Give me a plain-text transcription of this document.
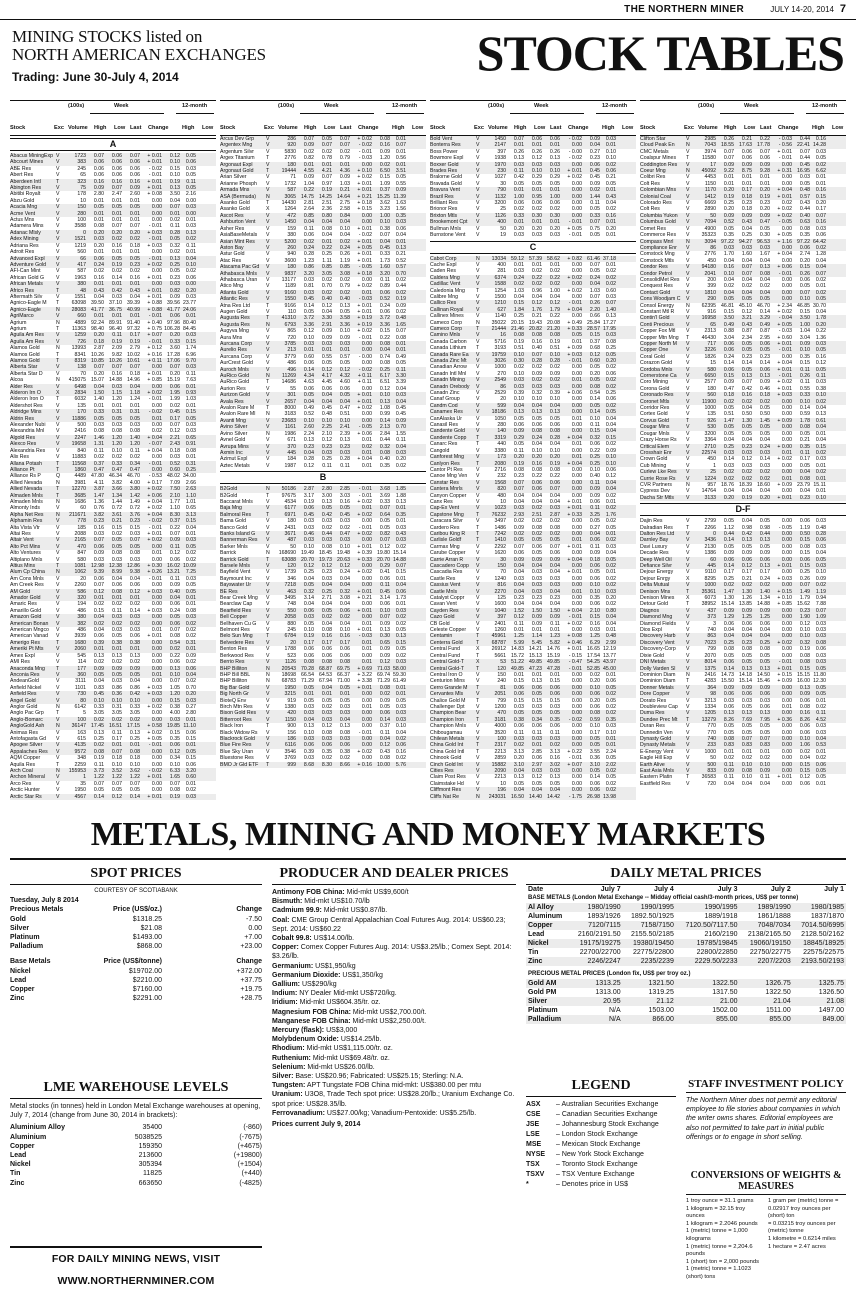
THE NORTHERN MINER	JULY 14-20, 2014 7
MINING STOCKS listed on
NORTH AMERICAN EXCHANGES
Trading: June 30-July 4, 2014	STOCK TABLES
(100s)	Week	12-month
Stock	Exc Volume High Low Last Change High Low
A
Abacus MiningExp V	1723	0.07	0.06	0.07	+ 0.01	0.12	0.05
Abcourt Mines	V	383	0.06	0.06	0.06	+ 0.01	0.10	0.06
ABE Res	V	245	0.06	0.06	0.06	- 0.02	0.15	0.03
Abert Res	V	65	0.06	0.06	0.06	- 0.01	0.10	0.05
Aberdeen Intl	T	323	0.16	0.16	0.16	+ 0.01	0.19	0.11
Abington Res	V	75	0.09	0.07	0.09	+ 0.01	0.13	0.05
Abitibi Royalt	V	178	2.80	2.47	2.60	+ 0.08	3.50	2.16
Abzu Gold	V	10	0.01	0.01	0.01	0.00	0.04	0.00
Acacia Mng	V	150	0.05	0.05	0.05	0.00	0.07	0.03
Acme Vent	V	280	0.01	0.01	0.01	0.00	0.01	0.00
Actus Mns	V	100	0.01	0.01	0.01	0.00	0.02	0.01
Adamera Mins	V	3588	0.08	0.07	0.07	- 0.01	0.11	0.03
Adanac Mlsly	V	0	0.20	0.20	0.20	+ 0.03	0.28	0.13
Adex Mining	V	1521	0.03	0.02	0.02	- 0.01	0.05	0.02
Adriana Res	V	1219	0.20	0.16	0.18	+ 0.03	0.32	0.11
Adroit Res	V	560	0.01	0.01	0.01	0.00	0.02	0.01
Advanced Expl	V	66	0.06	0.05	0.05	- 0.01	0.13	0.04
Adventure Gold	V	417	0.24	0.19	0.23	+ 0.02	0.25	0.10
AFI-Can Mint	V	587	0.02	0.02	0.02	0.00	0.05	0.02
African Gold G	V	1963	0.16	0.14	0.16	+ 0.01	0.23	0.06
African Metals	V	380	0.01	0.01	0.01	0.00	0.03	0.00
Africo Res	T	48	0.43	0.42	0.43	+ 0.01	0.82	0.20
Aftermath Silv	V	1551	0.04	0.03	0.04	+ 0.01	0.09	0.03
Agnico-Eagle M	T	63098 39.50 37.10 39.39	+ 0.88 39.56 23.77
Agnico-Eagle	N	28083 41.77 36.75 40.99	+ 0.88 41.77 24.06
AgriMarco	V	660	0.01	0.01	0.01	- 0.01	0.06	0.01
Agrium	N	4889 92.24 89.91 91.40	+ 0.40 97.96 80.40
Agrium	T	11363 98.40 96.40 97.32	+ 0.75 106.28 84.45
Aguila Am Res	V	1259	0.20	0.11	0.17	+ 0.07	0.20	0.03
Aguila Am Res	V	726	0.18	0.19	0.19	- 0.01	0.33	0.15
Alamos Gold	N	13993	2.87	2.09	2.79	+ 0.12	3.60	1.74
Alamos Gold	T	8341 10.26	9.82 10.02	+ 0.16 17.28	6.96
Alamos Gold	T	8319 10.85 10.26 10.61	+ 0.11 17.06	9.70
Alberta Star	V	138	0.07	0.07	0.07	0.00	0.07	0.03
Alberta Star D	V	70	0.20	0.16	0.18	+ 0.01	0.20	0.11
Alcoa	N	415075 15.07 14.88 14.96	+ 0.85 15.19	7.63
Alder Res	V	6498	0.04	0.03	0.04	0.00	0.06	0.01
Alderon Irn O	X	2834	1.50	1.15	1.18	+ 0.02	1.95	0.93
Alderon Iron O	T	6032	1.40	1.20	1.24	- 0.01	1.99	1.03
Aldershot Res	V	135	0.01	0.01	0.01	0.00	0.02	0.01
Aldridge Mins	V	170	0.33	0.31	0.31	- 0.02	0.45	0.15
Aldrin Res	V	11886	0.05	0.05	0.05	0.01	0.17	0.05
Alexander Nubi	V	500	0.03	0.03	0.03	0.00	0.07	0.03
Alexandria Mnl	V	2416	0.08	0.08	0.08	0.02	0.12	0.03
Algold Res	V	2247	1.46	1.20	1.40	+ 0.04	2.21	0.65
Alexco Res	V	19658	1.31	1.20	1.20	- 0.07	2.43	0.91
Alexandria Res	V	840	0.11	0.10	0.11	+ 0.04	0.18	0.08
Alix Res	V	11883	0.02	0.02	0.02	0.00	0.03	0.01
Allana Potash	T	11568	0.37	0.33	0.34	- 0.01	0.52	0.31
Alliance Pt	T	1860	0.47	0.47	0.47	0.00	0.60	0.25
Alliance Rs P	Q	4489 47.80 46.34 46.70	- 0.53 48.02 34.00
Allied Nevada	N	3981	4.11	3.82	4.00	+ 0.17	7.09	2.66
Allied Nevada	T	12270	3.87	3.66	3.80	+ 0.02	7.50	2.63
Almaden Mnls	T	3685	1.47	1.34	1.42	+ 0.06	2.10	1.10
Almaden Mnls	N	1686	1.36	1.44	1.49	+ 0.04	1.77	1.01
Almonty Inds	V	60	0.76	0.72	0.72	+ 0.02	1.10	0.65
Alpha Net Res	N	211671	3.82	3.61	3.76	+ 0.04	8.30	3.13
Alphamin Res	V	778	0.23	0.21	0.23	- 0.02	0.37	0.15
Alta Vista Vtr	V	185	0.16	0.15	0.15	- 0.01	0.22	0.04
Altai Res	V	2088	0.03	0.02	0.03	+ 0.01	0.07	0.01
Altair Vent	V	2165	0.07	0.05	0.07	+ 0.02	0.09	0.03
Alto Pct Mins	V	470	0.06	0.05	0.05	0.00	0.11	0.05
Alto Ventures	V	847	0.09	0.08	0.08	0.01	0.12	0.02
Altiplano Mnls	V	580	0.03	0.03	0.03	0.00	0.06	0.02
Altius Mins	T	1081 12.98 12.38 12.86	+ 0.30 16.02 10.09
Alum Cp China	N	1062	9.39	8.99	9.38	+ 0.26 13.21	7.25
Am Cons Mnls	V	20	0.06	0.04	0.04	- 0.01	0.11	0.03
Am Creek Res	V	2260	0.07	0.06	0.06	0.00	0.09	0.05
AM Gold	V	586	0.12	0.08	0.12	+ 0.03	0.40	0.05
Amador Gold	V	320	0.01	0.01	0.01	0.00	0.04	0.01
Amaric Res	V	194	0.02	0.02	0.02	0.00	0.06	0.01
Amarillo Gold	V	486	0.15	0.11	0.14	+ 0.03	0.24	0.08
Amazon Gold	V	380	0.04	0.03	0.03	0.00	0.05	0.03
American Bonan	V	382	0.02	0.02	0.02	0.00	0.06	0.02
American Mngco	V	486	0.04	0.03	0.03	0.01	0.07	0.02
American Vanad	V	3939	0.06	0.05	0.06	+ 0.01	0.08	0.02
Amerigo Res	T	1680	0.39	0.38	0.38	0.00	0.54	0.31
Ameriki Pt Mts	V	2060	0.01	0.01	0.01	0.00	0.02	0.01
Amex Expl	V	545	0.13	0.13	0.13	0.00	0.22	0.09
AMI Res	V	114	0.02	0.02	0.02	0.00	0.06	0.02
Anaconda Mng	T	177	0.09	0.09	0.09	0.00	0.13	0.06
Anconia Res	V	360	0.05	0.05	0.05	0.01	0.10	0.04
AndeanGold	V	3111	0.04	0.03	0.04	0.00	0.07	0.02
Anfield Nickel	V	1101	0.83	0.86	0.86	+ 0.03	1.05	0.70
Anfield Res	V	730	0.45	0.36	0.42	+ 0.03	1.20	0.20
Angel Gold	V	80	0.10	0.10	0.10	0.00	0.15	0.03
Anglor Gold	N	6142	0.33	0.31	0.33	+ 0.02	0.38	0.27
Anglo Pac Grp	T	5	3.05	3.05	3.05	0.00	4.00	2.80
Anglo-Bomarc	V	100	0.02	0.02	0.02	0.00	0.03	0.01
AngloGold Ash	N	36147 17.45 16.51 17.15	+ 0.58 19.85 11.10
Animas Res	V	163	0.13	0.11	0.13	+ 0.02	0.15	0.06
Antofagasta Gd	V	615	0.25	0.17	0.25	+ 0.05	0.35	0.15
Apogee Silver	V	4135	0.02	0.01	0.01	- 0.01	0.06	0.01
Appalaches Res	V	9572	0.08	0.07	0.08	0.00	0.12	0.05
AQM Copper	V	348	0.19	0.18	0.18	0.00	0.34	0.15
Aquila Res	T	2259	0.11	0.10	0.10	0.00	0.10	0.06
Arch Coal	N	155953	3.73	3.52	3.62	- 0.02	6.33	3.20
Archon Mineral	V	1	1.22	1.22	1.22	+ 0.01	1.65	0.60
Arco Res	V	35	0.07	0.07	0.07	0.00	0.07	0.01
Arctic Hunter	V	1950	0.05	0.05	0.05	0.00	0.08	0.02
Arctic Star Rs	V	4567	0.14	0.12	0.14	+ 0.01	0.19	0.03
(100s)	Week	12-month
Stock	Exc Volume High Low Last Change High Low
Arcus Dev Grp	V	286	0.07	0.05	0.07	+ 0.02	0.08	0.01
Argentex Mng	V	920	0.09	0.07	0.07	- 0.02	0.16	0.07
Argentum Silvr	V	5830	0.02	0.02	0.02	- 0.01	0.09	0.01
Argex Titanium	T	2776	0.82	0.78	0.79	- 0.03	1.20	0.56
Argonaut Expl	V	180	0.01	0.01	0.01	0.00	0.02	0.01
Argonaut Gold	T	19444	4.55	4.21	4.36	+ 0.10	6.50	3.51
Arian Silver	V	71	0.09	0.07	0.09	+ 0.02	0.15	0.05
Arianne Phosph	V	1732	1.04	0.97	1.03	+ 0.01	1.09	0.55
Armada Mns	V	587	0.22	0.19	0.21	+ 0.01	0.37	0.09
ASA (Bermuda)	N	3065 14.75 14.25 14.64	+ 0.21 15.25 11.39
Asanko Gold	T	14430	2.81	2.51	2.75	+ 0.18	3.62	1.63
Asanko Gold	X	1264	2.64	2.36	2.58	+ 0.15	3.23	1.56
Ascot Res	V	472	0.85	0.80	0.84	0.00	1.00	0.35
Ashburton Vent	V	1450	0.04	0.04	0.04	0.00	0.10	0.03
Asher Res	V	159	0.11	0.08	0.10	+ 0.01	0.38	0.06
AsiaBaseMetals	V	380	0.06	0.04	0.04	- 0.02	0.07	0.04
Asian Mint Res	V	5200	0.02	0.01	0.02	+ 0.01	0.04	0.01
Aston Bay	V	260	0.24	0.22	0.24	+ 0.05	0.45	0.13
Astur Gold	V	940	0.28	0.25	0.26	+ 0.01	0.33	0.21
Atac Res	V	3600	1.23	1.11	1.19	+ 0.01	1.73	0.52
Atacama Pac Gd	V	180	0.86	0.85	0.85	- 0.05	1.60	0.57
Athabasca Mnls	V	9837	3.20	3.05	3.08	+ 0.18	3.20	0.70
Athabasca Uran	V	13177	0.03	0.02	0.02	0.00	0.11	0.02
Atico Mng	V	1189	0.81	0.70	0.79	+ 0.02	0.89	0.44
Atlanta Gold	V	9160	0.03	0.02	0.02	0.01	0.06	0.02
Atlantic Res	V	1550	0.45	0.40	0.40	- 0.03	0.52	0.19
Atna Res Ltd	T	9166	0.14	0.12	0.13	+ 0.01	0.24	0.09
Augen Gold	V	110	0.05	0.04	0.05	+ 0.01	0.06	0.02
Augusta Res	T	41310	3.72	3.30	3.58	+ 0.19	3.72	0.48
Augusta Res	N	6793	3.36	2.91	3.36	+ 0.19	3.36	1.65
Augyva Mng	V	865	0.12	0.09	0.10	+ 0.02	0.15	0.07
Aura Mns	V	720	0.10	0.09	0.09	- 0.01	0.22	0.08
Aurcana Corp	V	3785	0.03	0.03	0.03	0.00	0.08	0.01
Aurelio Res	V	213	0.01	0.01	0.01	0.00	0.04	0.01
Aurcana Corp	V	3779	0.60	0.55	0.57	- 0.00	0.74	0.49
AurCrest Gold	V	486	0.06	0.05	0.05	0.00	0.08	0.05
Auroch Mnls	V	496	0.14	0.12	0.12	- 0.02	0.25	0.11
AuRico Gold	N	11269	4.34	4.17	4.32	+ 0.11	6.17	3.30
AuRico Gold	T	14686	4.63	4.45	4.60	+ 0.11	6.51	3.39
Aurion Res	V	55	0.06	0.06	0.06	0.00	0.12	0.04
Aurizon Gold	V	301	0.05	0.04	0.05	+ 0.01	0.10	0.03
Avala Res	V	2657	0.04	0.04	0.04	+ 0.01	0.13	0.04
Avalon Rare M	T	8000	0.49	0.45	0.47	+ 0.02	1.08	0.45
Avalon Rare Ml	N	3183	0.52	0.48	0.51	0.00	0.99	0.45
Avanti Mng	V	23683	0.10	0.10	0.10	0.00	0.14	0.09
Avino Silver	V	1161	2.60	2.25	2.41	- 0.05	2.13	0.70
Avino Silver	N	1986	2.24	2.10	2.39	+ 0.06	2.84	1.55
Avnel Gold	V	671	0.13	0.12	0.13	0.01	0.44	0.11
Avrupa Mins	V	370	0.23	0.23	0.23	0.02	0.32	0.04
Axmin Inc	V	445	0.04	0.03	0.03	0.01	0.08	0.03
Azimut Expl	V	184	0.28	0.25	0.28	+ 0.04	0.40	0.20
Aztec Metals	V	1987	0.12	0.11	0.11	0.01	0.35	0.02
B
B2Gold	N	50186	2.87	2.80	2.85	- 0.01	3.68	1.85
B2Gold	T	97675	3.17	3.00	3.03	- 0.01	3.69	1.88
Baccarat Mnls	V	4534	0.19	0.13	0.16	+ 0.02	0.33	0.13
Baja Mng	V	6177	0.06	0.05	0.05	0.01	0.07	0.01
Balmoral Res	T	6971	0.45	0.42	0.45	+ 0.02	0.64	0.35
Bama Gold	V	180	0.03	0.03	0.03	0.00	0.05	0.01
Banco Gold	V	2431	0.03	0.02	0.02	- 0.01	0.05	0.03
Banks Island G	V	3671	0.46	0.44	0.47	+ 0.02	0.82	0.43
Bannerman Res	V	487	0.03	0.03	0.03	0.00	0.07	0.03
Barker Mnls	V	50	0.10	0.08	0.10	+ 0.01	0.12	0.02
Barrick	N	168690 19.49 18.45 19.48	+ 0.39 19.80 15.14
Barrick Gold	T	63088 20.70 19.73 20.63	+ 0.33 20.70 14.88
Barsele Mnls	V	120	0.12	0.12	0.12	0.00	0.29	0.07
Bayfield Vent	V	1739	0.25	0.23	0.24	+ 0.02	0.41	0.15
Baymount Inc	V	346	0.04	0.03	0.04	0.00	0.06	0.01
Bayswater Ur	V	7218	0.05	0.04	0.04	0.00	0.11	0.04
BE Res	V	463	0.32	0.25	0.32	+ 0.01	0.45	0.06
Bear Creek Mng	V	3495	3.14	2.71	3.08	+ 0.21	3.14	1.73
Bearclaw Cap	V	748	0.04	0.04	0.04	0.00	0.06	0.01
Bearfield Res	V	550	0.06	0.05	0.06	+ 0.01	0.10	0.03
Bell Copper	V	2058	0.03	0.02	0.02	0.00	0.07	0.02
Bellhaven Cu G	V	880	0.05	0.04	0.04	0.01	0.09	0.02
Belmont Res	V	245	0.10	0.08	0.10	+ 0.01	0.13	0.05
Belo Sun Mng	T	6784	0.19	0.16	0.16	- 0.03	0.30	0.13
Belvedere Res	V	20	0.17	0.17	0.17	0.01	0.65	0.15
Benton Res	V	1788	0.06	0.06	0.06	0.01	0.09	0.05
Berkwood Res	V	523	0.06	0.06	0.06	0.00	0.09	0.02
Berrio Res	V	1126	0.08	0.08	0.08	0.01	0.12	0.03
BHP Billiton	N	20543 70.28 68.87 69.75	+ 0.69 71.03 58.00
BHP Bill BBL	N	18698 66.54 64.53 66.37	+ 3.22 69.74 59.30
BHP Billiton	N	68783 71.29 67.94 71.00	+ 3.38 71.29 61.49
Big Bar Gold	V	1950	0.05	0.04	0.05	+ 0.01	0.08	0.01
Big North Gr	V	3215	0.01	0.01	0.01	0.00	0.02	0.01
BioteQ Env	V	919	0.05	0.05	0.05	0.00	0.09	0.05
Birch Mtn Res	V	1380	0.03	0.02	0.03	0.01	0.05	0.03
Bison Gold Res	V	420	0.03	0.03	0.03	0.00	0.06	0.03
Bitterroot Res	V	1150	0.04	0.03	0.04	0.00	0.14	0.03
Black Iron	T	900	0.13	0.12	0.13	0.00	0.37	0.10
Black Widow Rs	V	156	0.10	0.08	0.08	- 0.01	0.11	0.04
Blackrock Gold	V	186	0.03	0.03	0.03	0.00	0.04	0.02
Blue Fire Res	V	6116	0.06	0.06	0.06	0.00	0.12	0.06
Blue Sky Uran	V	3546	0.39	0.35	0.38	+ 0.02	0.43	0.16
Bluestone Res	V	3769	0.03	0.02	0.02	0.00	0.08	0.02
BMO Jr Gld ETF	T	999	8.68	8.30	8.66	+ 0.16 10.00	5.76
(100s)	Week	12-month
Stock	Exc Volume High Low Last Change High Low
Bold Vent	V	1450	0.07	0.06	0.06	- 0.02	0.09	0.03
Bonterra Res	V	2147	0.01	0.01	0.01	0.00	0.04	0.01
Boss Power	V	397	0.26	0.26	0.26	- 0.00	0.27	0.10
Bowmore Expl	V	1938	0.13	0.12	0.13	- 0.02	0.23	0.10
Boxxer Gold	V	1970	0.03	0.03	0.03	0.00	0.06	0.02
Brades Res	V	230	0.11	0.10	0.10	+ 0.01	0.45	0.06
Bralorne Gold	V	1027	0.42	0.29	0.29	+ 0.02	0.45	0.21
Bravada Gold	V	30	0.05	0.05	0.05	0.00	0.09	0.05
Bravura Vent	V	790	0.01	0.01	0.01	0.00	0.02	0.01
Brazil Res	V	1132	1.00	0.95	1.00	0.00	1.44	0.43
Brilliant Res	V	3200	0.06	0.06	0.06	0.00	0.11	0.04
Brionor Res	V	25	0.02	0.02	0.02	0.00	0.05	0.02
Brixton Mtls	V	1126	0.33	0.30	0.30	0.00	0.33	0.16
Brookemont Cpt	V	400	0.01	0.01	0.01	- 0.01	0.07	0.01
Bullman Mnls	V	50	0.20	0.20	0.20	+ 0.05	0.75	0.20
Burnstone Vent	V	19	0.03	0.03	0.03	- 0.01	0.05	0.01
C
Cabot Corp	N	13034 59.12 57.39 58.62	+ 0.82 61.46 37.18
Cache Expl	V	400	0.01	0.01	0.01	0.00	0.07	0.01
Caden Res	V	281	0.03	0.02	0.02	0.00	0.05	0.02
Caldera Mng	V	6374	0.24	0.22	0.22	+ 0.02	0.24	0.02
Cadillac Vent	V	1588	0.02	0.02	0.02	0.00	0.04	0.02
Caledonia Mng	T	1254	1.03	0.96	1.00	+ 0.02	1.03	0.60
Calibre Mng	V	1500	0.04	0.04	0.04	0.00	0.07	0.03
Callico Res	V	1210	0.15	0.12	0.12	- 0.01	0.26	0.07
Callinan Royal	V	627	1.84	1.76	1.79	+ 0.04	2.20	1.40
Callinex Mines	V	1140	0.25	0.21	0.22	0.00	0.66	0.13
Cameco Corp	N	35022 20.15 19.43 20.08	+ 0.49 25.84 17.27
Cameco Corp	T	21444 21.46 20.82 21.20	+ 0.33 28.57 17.95
Camino Mnls	V	16	0.08	0.08	0.08	0.05	0.15	0.03
Canada Carbon	V	5716	0.19	0.16	0.19	0.01	0.37	0.08
Canada Lithium	T	3193	0.51	0.40	0.51	+ 0.09	0.68	0.25
Canada Rare Ea	V	19759	0.10	0.07	0.10	+ 0.03	0.12	0.05
Canada Zinc Mt	V	3026	0.30	0.28	0.28	- 0.01	0.60	0.20
Canadian Arrow	V	1000	0.02	0.02	0.02	0.00	0.05	0.02
Canadn Intl Mnl	V	270	0.10	0.09	0.09	0.00	0.20	0.06
Canadn Mining	V	2549	0.03	0.02	0.02	0.01	0.05	0.02
Canadn Orebody	V	86	0.03	0.03	0.03	0.00	0.08	0.02
Canadn Zinc	V	2529	0.39	0.32	0.39	+ 0.06	0.54	0.25
Canaf Group	V	20	0.10	0.10	0.10	0.00	0.14	0.06
Candm Cod	V	599	0.04	0.04	0.04	0.00	0.05	0.02
Canamex Res	V	18186	0.13	0.13	0.13	0.00	0.14	0.05
CanAlaska Ur	V	1050	0.05	0.05	0.05	0.01	0.10	0.04
Canasil Res	V	280	0.06	0.06	0.06	0.00	0.11	0.04
Candente Gold	V	140	0.09	0.08	0.08	0.00	0.15	0.04
Candente Copp	T	3319	0.29	0.24	0.28	+ 0.04	0.32	0.15
Canarc Res	T	440	0.05	0.04	0.04	0.01	0.06	0.02
Cangold	V	3380	0.11	0.10	0.10	0.00	0.22	0.09
Canforest Mng	V	173	0.20	0.20	0.20	0.01	0.25	0.10
Canlyon Res	T	2080	0.19	0.16	0.19	+ 0.04	0.25	0.10
Cantor Pt Res	V	2716	0.08	0.08	0.08	0.00	0.10	0.06
Canoe Mng Ven	V	232	0.23	0.22	0.22	0.00	0.40	0.12
Canstar Res	V	1568	0.07	0.06	0.06	0.00	0.11	0.04
Cantera Mnrls	V	820	0.07	0.06	0.07	0.00	0.09	0.04
Canyon Copper	V	480	0.04	0.04	0.04	0.00	0.09	0.02
Canx Res	V	10	0.04	0.04	0.04	+ 0.01	0.06	0.01
Cap-Ex Vent	V	1023	0.03	0.02	0.03	+ 0.01	0.11	0.02
Capstone Mng	T	76232	2.93	2.51	2.87	+ 0.33	3.25	1.76
Caracara Silvr	V	3497	0.02	0.02	0.02	0.00	0.05	0.02
Cardero Res	T	1486	0.09	0.08	0.08	0.00	0.27	0.05
Caribou King R	T	7242	0.02	0.02	0.02	0.00	0.04	0.01
Carlisle Goldf	T	1410	0.05	0.05	0.05	0.01	0.06	0.02
Carmax Mng	V	2292	0.07	0.06	0.07	+ 0.01	0.11	0.03
Carube Copper	V	1620	0.06	0.05	0.06	0.00	0.09	0.04
Carrie Arran R	V	30	0.09	0.09	0.09	+ 0.04	0.18	0.05
Cascadero Copp	V	150	0.04	0.04	0.04	0.00	0.06	0.02
Cascadia Res	V	70	0.04	0.03	0.04	+ 0.01	0.05	0.01
Castle Res	V	1240	0.03	0.03	0.03	0.00	0.06	0.02
Cassius Vent	V	816	0.04	0.03	0.03	0.00	0.10	0.02
Castle Mnls	V	2270	0.04	0.03	0.04	0.01	0.10	0.03
Catalyst Coppr	V	125	0.23	0.23	0.23	0.00	0.35	0.20
Cavan Vent	V	1600	0.04	0.04	0.04	0.00	0.06	0.02
Cayden Res	V	1040	1.52	1.50	1.50	+ 0.04	2.10	0.80
Cazo Gold	V	397	0.12	0.09	0.09	- 0.01	0.15	0.04
CB Gold	V	2401	0.11	0.09	0.11	+ 0.02	0.16	0.04
Celeste Copper	V	1260	0.01	0.01	0.01	0.00	0.03	0.01
Centamin	T	45961	1.25	1.14	1.23	+ 0.08	1.25	0.48
Centerra Gold	T	68787	5.99	5.45	5.82	+ 0.46	6.29	2.99
Central Fund	X	26912 14.83 14.21 14.76	+ 0.01 16.65 12.19
Central Fund	T	5661 15.72 15.13 15.19	- 0.15 17.54 13.77
Central Gold-T	X	53 51.22 49.85 49.85	- 0.47 54.25 43.97
Central Gold-T	T	120 49.85 47.23 47.28	- 0.01 52.85 45.00
Central Iron O	V	150	0.01	0.01	0.01	0.00	0.02	0.01
Centurion Mins	V	240	0.15	0.13	0.15	0.00	0.20	0.06
Cerro Grande M	T	81	0.06	0.06	0.06	0.00	0.10	0.05
Cervantes Mls	V	2051	0.06	0.05	0.06	0.00	0.06	0.02
Chalice Gold M	T	799	0.15	0.15	0.15	0.00	0.20	0.05
Challenger Dpt	V	1200	0.03	0.03	0.03	0.00	0.06	0.02
Champion Bear	V	470	0.05	0.05	0.05	0.00	0.08	0.02
Champion Iron	T	3181	0.38	0.34	0.35	- 0.02	0.59	0.35
Champion Mnls	V	4000	0.06	0.06	0.06	0.00	0.10	0.03
Chibougamau	V	3520	0.11	0.11	0.11	0.00	0.17	0.10
Chilean Metals	V	100	0.03	0.03	0.03	0.00	0.05	0.01
China Gold Int	T	2317	0.02	0.01	0.02	0.00	0.05	0.01
China Gold Intl	T	2213	3.13	2.85	3.13	+ 0.22	3.55	2.24
Chinook Gold	V	2859	0.20	0.06	0.16	- 0.01	0.36	0.05
Cinch Gold Int	V	15882	3.10	2.97	3.02	+ 0.07	3.10	2.02
Cities Res	V	2090	0.04	0.03	0.03	0.00	0.05	0.02
Claim Post Res	V	2213	0.13	0.12	0.13	0.00	0.14	0.05
Claimstake Hd	V	10	0.05	0.05	0.05	0.00	0.06	0.02
Cliffmont Res	V	196	0.04	0.04	0.04	0.00	0.06	0.02
Cliffs Nat Re	N	243031 16.50 14.40 14.42	- 1.75 26.98 13.98
(100s)	Week	12-month
Stock	Exc Volume High Low Last Change High Low
Clifton Star	V	2985	0.26	0.21	0.22	- 0.03	0.44	0.16
Cloud Peak En	N	7043 18.55 17.63 17.78	- 0.56 22.41 14.28
CMC Metals	V	3974	0.07	0.06	0.07	+ 0.01	0.07	0.03
Coalspur Mines	T	11580	0.07	0.06	0.06	- 0.01	0.44	0.05
Coddington Res	V	17	0.09	0.09	0.09	0.00	0.45	0.02
Coeur Mng	N	45092	9.22	8.75	9.28	+ 0.31 16.95	6.62
Colibri Res	V	4453	0.01	0.01	0.01	0.00	0.03	0.01
Colt Res	V	1150	0.01	0.01	0.01	0.00	0.05	0.01
Colombian Mns	V	1170	0.20	0.17	0.20	+ 0.04	0.48	0.16
Colonial Coal	V	1412	0.19	0.18	0.19	+ 0.01	0.57	0.15
Colorado Res	V	6669	0.25	0.23	0.23	0.02	0.43	0.20
Colt Res	V	2890	0.20	0.18	0.20	+ 0.02	0.44	0.17
Columbia Yukon	V	50	0.09	0.09	0.09	+ 0.02	0.40	0.07
Columbus Gold	V	7094	0.52	0.43	0.47	- 0.05	0.63	0.16
Comet Res	V	4900	0.05	0.04	0.05	0.00	0.08	0.03
Commerce Res	V	35323	0.35	0.25	0.30	+ 0.05	0.35	0.06
Compass Mnrl	N	3094 97.22 94.27 96.53	+ 1.16 97.22 64.42
Compliance Enr	V	86	0.03	0.03	0.03	0.00	0.06	0.02
Comstock Mng	V	2776	1.70	1.60	1.67	+ 0.04	2.74	1.28
Comstock Mtls	V	450	0.04	0.04	0.04	0.00	0.20	0.04
Condor Res	V	94180	0.16	0.07	0.13	+ 0.06	0.15	0.04
Condor Petrol	V	2041	0.10	0.07	0.08	- 0.01	0.26	0.07
ConsolidMet Res	V	200	0.04	0.04	0.04	0.00	0.06	0.02
Conquest Res	V	399	0.02	0.02	0.02	0.00	0.05	0.01
Contact Gold	V	1810	0.04	0.04	0.04	0.00	0.07	0.02
Cons Woodjam C	V	290	0.05	0.05	0.05	0.00	0.10	0.05
Consol Energy	N	62395 46.81 45.10 46.70	+ 2.34 46.85 30.70
Constant Mtl R	V	916	0.15	0.12	0.14	+ 0.02	0.15	0.04
Contin'l Gold	V	16958	3.50	3.21	3.29	- 0.04	3.50	1.78
Conti Precious	V	65	0.49	0.43	0.49	+ 0.05	1.00	0.20
Copper Fox Mtl	V	2313	0.88	0.87	0.87	- 0.03	1.04	0.22
Copper Mtn Mng	T	46430	3.04	2.34	2.95	+ 0.60	3.04	1.36
Copper North M	V	717	0.06	0.05	0.06	+ 0.01	0.09	0.03
Copper One	V	3226	0.06	0.05	0.05	- 0.01	0.10	0.05
Coral Gold	V	1826	0.24	0.23	0.23	0.00	0.35	0.16
Corazon Gold	V	15	0.14	0.14	0.14	+ 0.04	0.15	0.12
Cordoba Mnls	V	580	0.06	0.05	0.06	+ 0.01	0.11	0.05
Cornerstone Ca	V	6650	0.15	0.13	0.13	- 0.01	0.26	0.11
Coro Mining	V	2577	0.09	0.07	0.09	+ 0.02	0.11	0.03
Corona Gold	V	180	0.47	0.42	0.46	+ 0.01	0.55	0.38
Coronado Res	V	560	0.18	0.16	0.18	+ 0.03	0.33	0.10
Coronet Mtls	V	11900	0.02	0.02	0.02	0.00	0.10	0.02
Corridor Res	V	1000	0.05	0.04	0.05	0.00	0.14	0.04
Cortex Gold	V	135	0.51	0.50	0.50	0.00	0.59	0.13
Corvus Gold	T	926	1.47	1.30	1.45	+ 0.09	1.78	0.61
Cougar Mins	V	530	0.05	0.05	0.05	0.00	0.08	0.04
Cougar Mnls	V	3200	0.05	0.05	0.05	0.00	0.05	0.01
Crazy Horse Rs	V	3364	0.04	0.04	0.04	0.00	0.21	0.04
Critical Elem	V	2710	0.25	0.23	0.24	+ 0.00	0.35	0.15
Crosshair Enr	V	22574	0.03	0.03	0.03	0.01	0.11	0.02
Crown Gold	V	450	0.14	0.12	0.14	+ 0.02	0.17	0.03
Cub Mining	V	1	0.03	0.03	0.03	0.00	0.05	0.01
Curlew Lke Res	V	25	0.02	0.02	0.02	0.00	0.04	0.02
Currie Rose Rs	V	1224	0.02	0.02	0.02	0.01	0.08	0.01
CVR Partners	N	957 18.76 18.39 18.60	+ 0.09 23.79 15.11
Cypress Dev	V	14764	0.04	0.04	0.04	0.00	0.04	0.01
Dacha Str Mtls	V	3133	0.20	0.19	0.20	+ 0.01	0.23	0.10
D-F
Dajin Res	V	2799	0.05	0.04	0.05	0.00	0.06	0.03
Dalradian Res	T	2266	1.12	0.98	0.98	- 0.05	1.19	0.48
Dalton Res Ltd	V	0	0.44	0.42	0.44	0.00	0.50	0.28
Darnley Bay	V	3436	0.14	0.13	0.13	0.00	0.15	0.06
Davi Luxury	V	2130	0.05	0.05	0.05	0.00	0.08	0.03
Decade Res	V	1386	0.09	0.09	0.09	0.00	0.15	0.04
Deep Well Oil	V	60	0.06	0.06	0.06	0.00	0.06	0.05
Defiance Silvr	V	445	0.14	0.12	0.13	+ 0.01	0.15	0.03
Dejour Energy	V	9110	0.17	0.17	0.17	0.00	0.25	0.10
Dejour Enrgy	X	8295	0.25	0.21	0.24	+ 0.03	0.26	0.09
Delta Mutual	V	1000	0.02	0.02	0.02	0.00	0.07	0.02
Denison Mns	T	35361	1.47	1.30	1.40	+ 0.15	1.49	1.19
Denison Mines	X	6073	1.30	1.26	1.34	+ 0.10	1.79	0.94
Detour Gold	T	38952 15.14 13.85 14.88	+ 0.85 15.62	7.88
Diagnos	V	437	0.09	0.09	0.09	0.00	0.23	0.07
Diamond Mng	V	373	1.29	1.25	1.25	0.00	1.90	1.09
Diamond Fields	V	3	0.06	0.06	0.06	0.00	0.12	0.03
Dios Expl	V	740	0.04	0.04	0.04	0.00	0.10	0.03
Discovery Harb	V	863	0.04	0.04	0.04	0.00	0.10	0.03
Discovery Vent	V	7023	0.25	0.23	0.25	+ 0.02	0.32	0.08
Discovery-Corp	V	799	0.08	0.08	0.08	0.00	0.19	0.06
Dixie Gold	V	2070	0.05	0.05	0.05	0.00	0.08	0.03
DNI Metals	V	8014	0.06	0.05	0.05	- 0.01	0.08	0.03
Dolly Varden Sl	V	1375	0.14	0.13	0.13	+ 0.01	0.15	0.05
Dominion Diam	N	2416 14.73 14.18 14.50	+ 0.15 15.15 11.80
Dominion Diam	T	4283 15.50 15.14 15.46	+ 0.09 16.00 12.30
Donner Metals	V	364	0.09	0.09	0.09	0.00	0.13	0.05
Dore Copper	V	98	0.06	0.06	0.06	0.00	0.09	0.05
Dorato Res	V	3213	0.03	0.03	0.03	0.00	0.06	0.01
Doubleview Cap	V	1334	0.06	0.05	0.06	0.01	0.08	0.02
Duma Res	V	1205	0.13	0.13	0.13	0.00	0.16	0.11
Dundee Prec Mt	T	13279	8.26	7.69	7.95	+ 0.36	8.26	4.52
Duran Res	V	770	0.05	0.05	0.05	0.00	0.06	0.03
Dunnedin Ven	V	770	0.05	0.05	0.05	0.00	0.06	0.03
Dynasty Gold	V	740	0.08	0.07	0.07	0.00	0.10	0.04
Dynasty Metals	V	233	0.83	0.83	0.83	0.00	1.06	0.53
E-Energy Vent	V	1000	0.01	0.01	0.01	0.00	0.02	0.01
Eagle Hill Exp	V	50	0.02	0.02	0.02	0.00	0.04	0.02
Earth Alive	V	500	0.11	0.10	0.10	0.00	0.15	0.06
East Asia Mnls	V	833	0.09	0.08	0.09	0.00	0.15	0.05
Eastern Platin	T	36583	0.11	0.10	0.11	+ 0.01	0.12	0.05
Eastfield Res	V	720	0.04	0.04	0.04	0.00	0.06	0.01
METALS, MINING AND MONEY MARKETS
SPOT PRICES
COURTESY OF SCOTIABANK
Tuesday, July 8 2014
Precious Metals	Price (US$/oz.)	Change
Gold	$1318.25	-7.50
Silver	$21.08	0.00
Platinum	$1493.00	+7.00
Palladium	$868.00	+23.00
Base Metals	Price (US$/tonne)	Change
Nickel	$19702.00	+372.00
Lead	$2210.00	+37.75
Copper	$7160.00	+19.75
Zinc	$2291.00	+28.75
LME WAREHOUSE LEVELS
Metal stocks (in tonnes) held in London Metal Exchange warehouses at opening, July 7, 2014 (change from June 30, 2014 in brackets):
Aluminium Alloy	35400	(-860)
Aluminium	5038525	(-7675)
Copper	159350	(+4675)
Lead	213600	(+19800)
Nickel	305394	(+1504)
Tin	11825	(+440)
Zinc	663650	(-4825)
FOR DAILY MINING NEWS, VISIT WWW.NORTHERNMINER.COM
PRODUCER AND DEALER PRICES
Antimony FOB China: Mid-mkt US$9,600/t
Bismuth: Mid-mkt US$10.70/lb
Cadmium 99.9: Mid-mkt US$0.87/lb.
Coal: CME Group Central Appalachian Coal Futures Aug. 2014: US$60.23; Sept. 2014: US$60.22
Cobalt 99.8: US$14.00/lb.
Copper: Comex Copper Futures Aug. 2014: US$3.25/lb.; Comex Sept. 2014: $3.26/lb.
Germanium: US$1,950/kg
Germanium Dioxide: US$1,350/kg
Gallium: US$290/kg
Indium: NY Dealer Mid-mkt US$720/kg.
Iridium: Mid-mkt US$604.35/tr. oz.
Magnesium FOB China: Mid-mkt US$2,700.00/t.
Manganese FOB China: Mid-mkt US$2,250.00/t.
Mercury (flask): US$3,000
Molybdenum Oxide: US$14.25/lb.
Rhodium: Mid-mkt US$1,115.00/tr. oz.
Ruthenium: Mid-mkt US$69.48/tr. oz.
Selenium: Mid-mkt US$26.00/lb.
Silver: Base: US$20.96; Fabricated: US$25.15; Sterling: N.A.
Tungsten: APT Tungstate FOB China mid-mkt: US$380.00 per mtu
Uranium: U3O8, Trade Tech spot price: US$28.20/lb.; Uranium Exchange Co. spot price: US$28.35/lb.
Ferrovanadium: US$27.00/kg; Vanadium-Pentoxide: US$5.25/lb.
Prices current July 9, 2014
DAILY METAL PRICES
Date	July 7	July 4	July 3	July 2	July 1
BASE METALS (London Metal Exchange -- Midday official cash/3-month prices, US$ per tonne)					
Al Alloy	1980/1990	1990/1995	1990/1995	1989/1990	1980/1985
Aluminum	1893/1926	1892.50/1925	1889/1918	1861/1888	1837/1870
Copper	7120/7115	7158/7150	7120.50/7117.50	7048/7034	7014.50/6995
Lead	2160/2191.50	2155.50/2185	2160/2190	2138/2165.50	2128.50/2162
Nickel	19175/19275	19380/19450	19785/19845	19060/19150	18845/18925
Tin	22700/22700	22775/22800	22800/22850	22750/22775	22575/22575
Zinc	2246/2247	2235/2239	2229.50/2233	2207/2203	2193.50/2193
PRECIOUS METAL PRICES (London fix, US$ per troy oz.)					
Gold AM	1313.25	1321.50	1322.50	1326.75	1325.75
Gold PM	1313.00	1319.25	1317.50	1322.50	1326.50
Silver	20.95	21.12	21.00	21.04	21.08
Platinum	N/A	1503.00	1502.00	1511.00	1497.00
Palladium	N/A	866.00	855.00	855.00	849.00
LEGEND
ASX	– Australian Securities Exchange
CSE	– Canadian Securities Exchange
JSE	– Johannesburg Stock Exchange
LSE	– London Stock Exchange
MSE	– Mexican Stock Exchange
NYSE	– New York Stock Exchange
TSX	– Toronto Stock Exchange
TSXV	– TSX Venture Exchange
*	– Denotes price in US$
STAFF INVESTMENT POLICY
The Northern Miner does not permit any editorial employee to file stories about companies in which the writer owns shares. Editorial employees are also not permitted to take part in initial public offerings or to engage in short selling.
CONVERSIONS OF WEIGHTS & MEASURES
1 troy ounce = 31.1 grams
1 kilogram = 32.15 troy ounces
1 kilogram = 2.2046 pounds
1 (metric) tonne = 1,000 kilograms
1 (metric) tonne = 2,204.6 pounds
1 (short) ton = 2,000 pounds
1 (metric) tonne = 1.1023 (short) tons
1 gram per (metric) tonne = 0.02917 troy ounces per (short) ton
= 0.03215 troy ounces per (metric) tonne
1 kilometre = 0.6214 miles
1 hectare = 2.47 acres
